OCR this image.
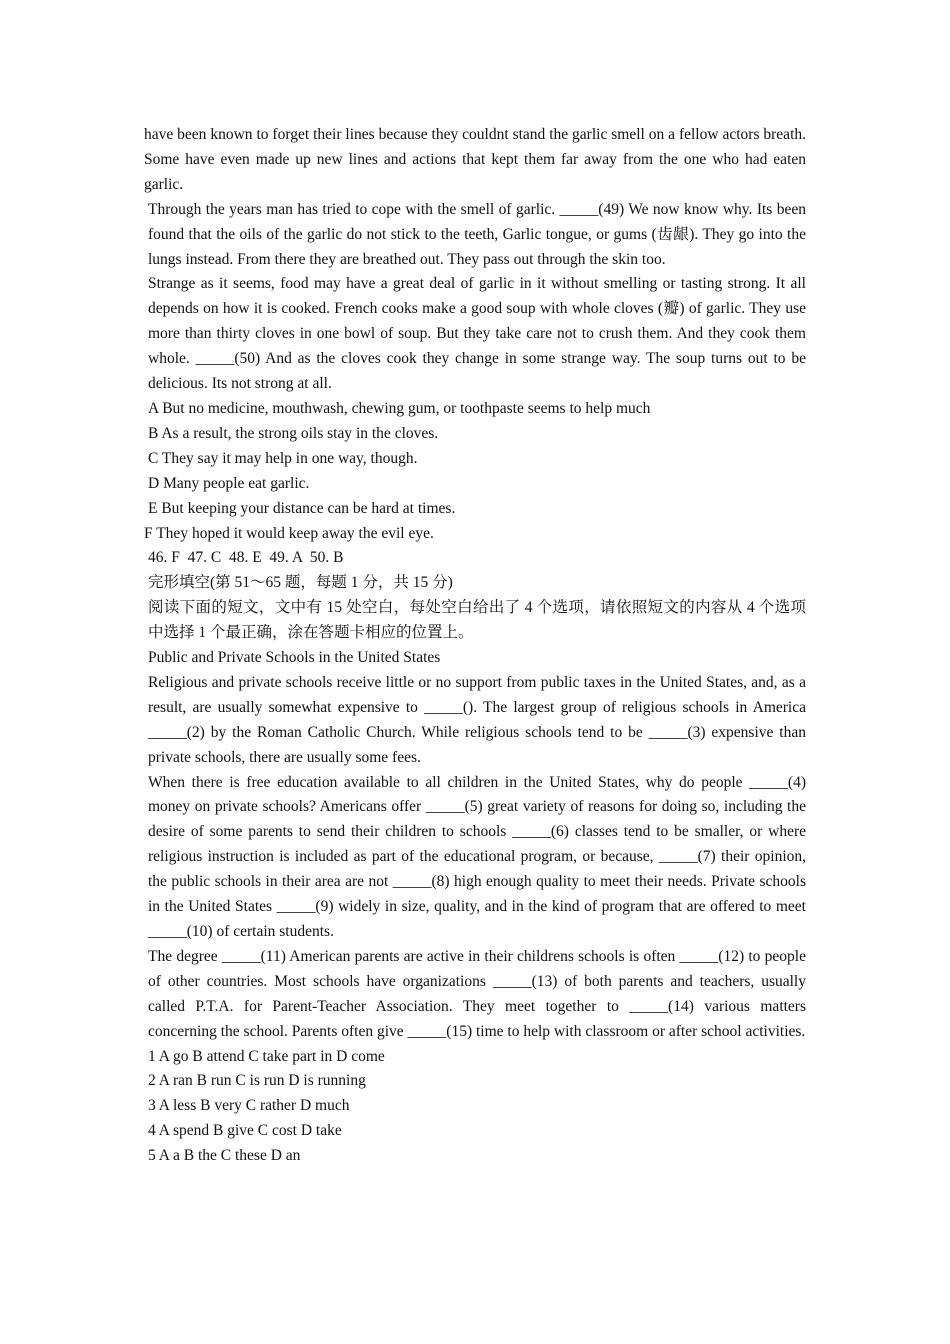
have been known to forget their lines because they couldnt stand the garlic smell on a fellow actors breath. Some have even made up new lines and actions that kept them far away from the one who had eaten garlic.

Through the years man has tried to cope with the smell of garlic. _____(49) We now know why. Its been found that the oils of the garlic do not stick to the teeth, Garlic tongue, or gums (齿龈). They go into the lungs instead. From there they are breathed out. They pass out through the skin too.

Strange as it seems, food may have a great deal of garlic in it without smelling or tasting strong. It all depends on how it is cooked. French cooks make a good soup with whole cloves (瓣) of garlic. They use more than thirty cloves in one bowl of soup. But they take care not to crush them. And they cook them whole. _____(50) And as the cloves cook they change in some strange way. The soup turns out to be delicious. Its not strong at all.

A But no medicine, mouthwash, chewing gum, or toothpaste seems to help much

B As a result, the strong oils stay in the cloves.

C They say it may help in one way, though.

D Many people eat garlic.

E But keeping your distance can be hard at times.

F They hoped it would keep away the evil eye.

46. F  47. C  48. E  49. A  50. B

完形填空(第 51～65 题，每题 1 分，共 15 分)

阅读下面的短文，文中有 15 处空白，每处空白给出了 4 个选项，请依照短文的内容从 4 个选项中选择 1 个最正确，涂在答题卡相应的位置上。

Public and Private Schools in the United States

Religious and private schools receive little or no support from public taxes in the United States, and, as a result, are usually somewhat expensive to _____(). The largest group of religious schools in America _____(2) by the Roman Catholic Church. While religious schools tend to be _____(3) expensive than private schools, there are usually some fees.

When there is free education available to all children in the United States, why do people _____(4) money on private schools? Americans offer _____(5) great variety of reasons for doing so, including the desire of some parents to send their children to schools _____(6) classes tend to be smaller, or where religious instruction is included as part of the educational program, or because, _____(7) their opinion, the public schools in their area are not _____(8) high enough quality to meet their needs. Private schools in the United States _____(9) widely in size, quality, and in the kind of program that are offered to meet _____(10) of certain students.

The degree _____(11) American parents are active in their childrens schools is often _____(12) to people of other countries. Most schools have organizations _____(13) of both parents and teachers, usually called P.T.A. for Parent-Teacher Association. They meet together to _____(14) various matters concerning the school. Parents often give _____(15) time to help with classroom or after school activities.

1 A go B attend C take part in D come

2 A ran B run C is run D is running

3 A less B very C rather D much

4 A spend B give C cost D take

5 A a B the C these D an
